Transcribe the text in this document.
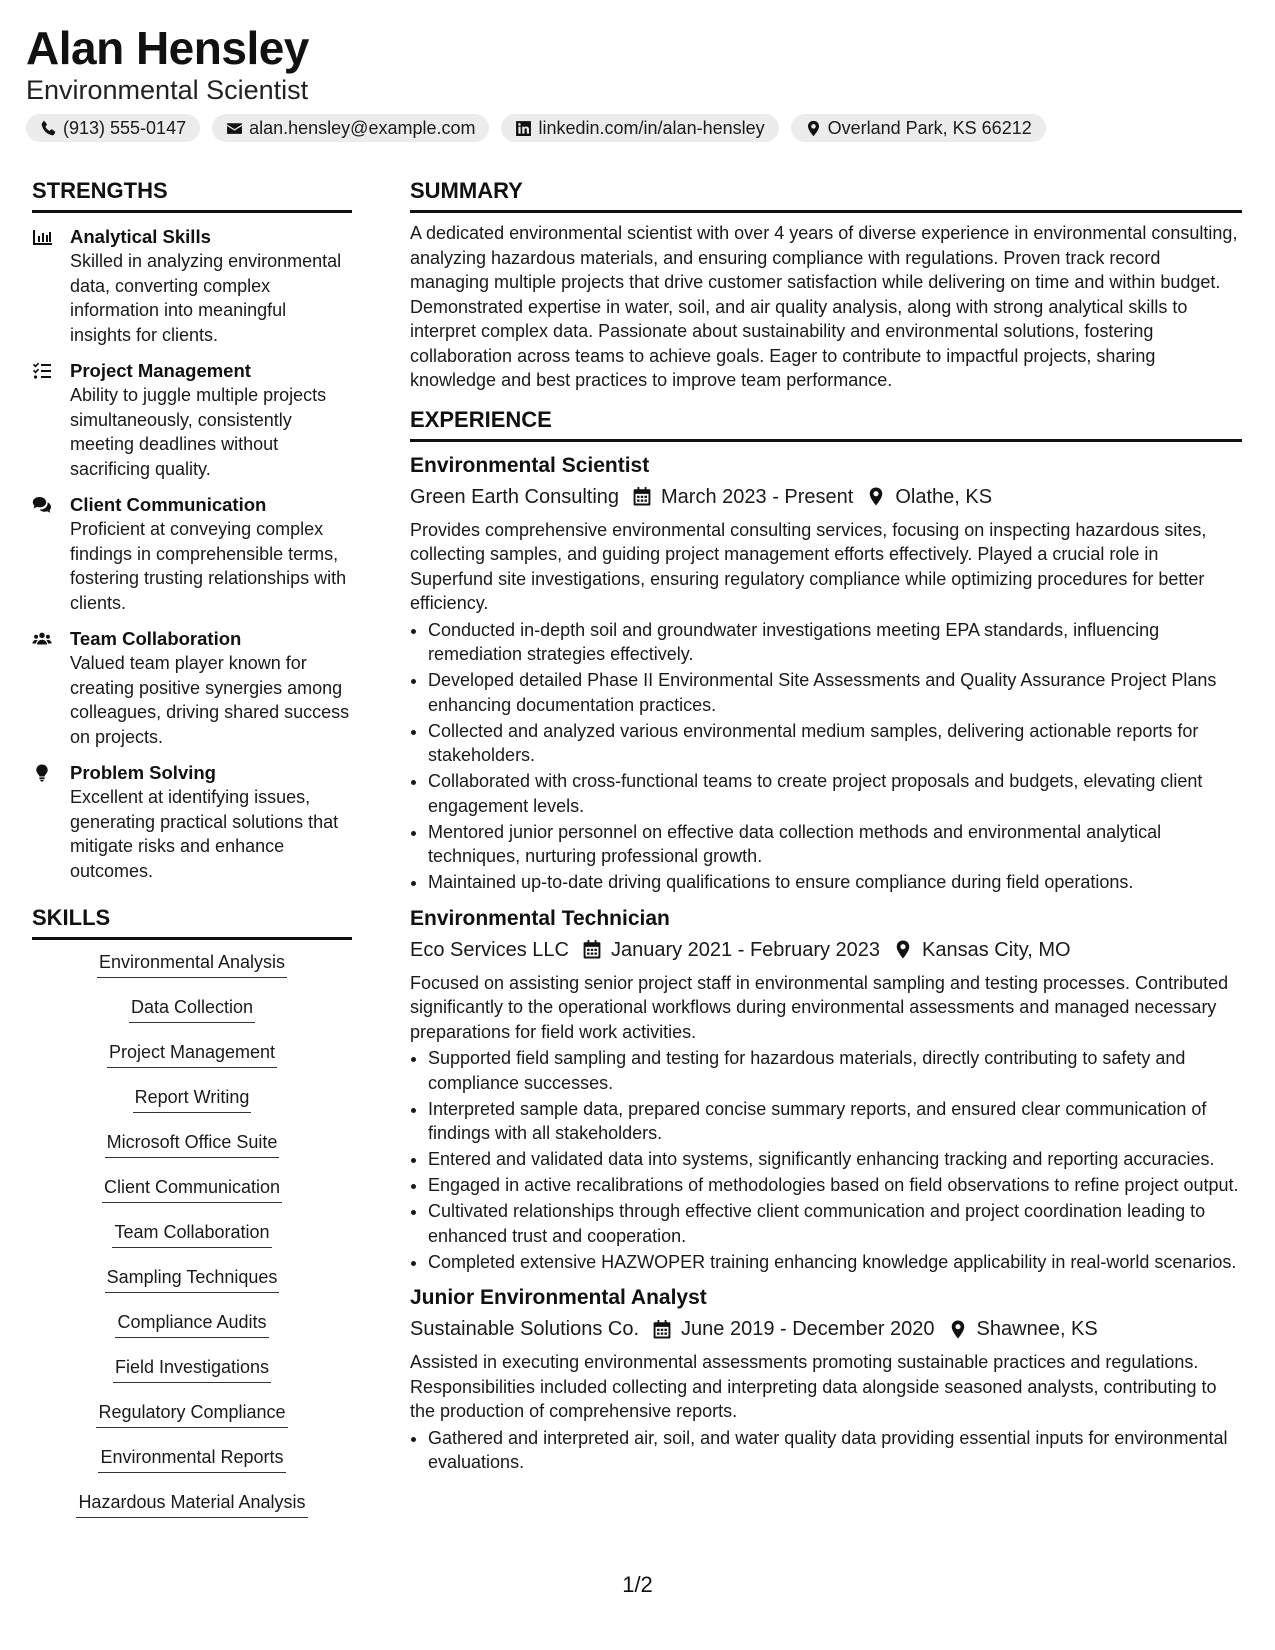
Alan Hensley
Environmental Scientist
(913) 555-0147	alan.hensley@example.com	linkedin.com/in/alan-hensley	Overland Park, KS 66212
STRENGTHS
Analytical Skills
Skilled in analyzing environmental data, converting complex information into meaningful insights for clients.
Project Management
Ability to juggle multiple projects simultaneously, consistently meeting deadlines without sacrificing quality.
Client Communication
Proficient at conveying complex findings in comprehensible terms, fostering trusting relationships with clients.
Team Collaboration
Valued team player known for creating positive synergies among colleagues, driving shared success on projects.
Problem Solving
Excellent at identifying issues, generating practical solutions that mitigate risks and enhance outcomes.
SKILLS
Environmental Analysis
Data Collection
Project Management
Report Writing
Microsoft Office Suite
Client Communication
Team Collaboration
Sampling Techniques
Compliance Audits
Field Investigations
Regulatory Compliance
Environmental Reports
Hazardous Material Analysis
SUMMARY
A dedicated environmental scientist with over 4 years of diverse experience in environmental consulting, analyzing hazardous materials, and ensuring compliance with regulations. Proven track record managing multiple projects that drive customer satisfaction while delivering on time and within budget. Demonstrated expertise in water, soil, and air quality analysis, along with strong analytical skills to interpret complex data. Passionate about sustainability and environmental solutions, fostering collaboration across teams to achieve goals. Eager to contribute to impactful projects, sharing knowledge and best practices to improve team performance.
EXPERIENCE
Environmental Scientist
Green Earth Consulting March 2023 - Present Olathe, KS
Provides comprehensive environmental consulting services, focusing on inspecting hazardous sites, collecting samples, and guiding project management efforts effectively. Played a crucial role in Superfund site investigations, ensuring regulatory compliance while optimizing procedures for better efficiency.
• Conducted in-depth soil and groundwater investigations meeting EPA standards, influencing remediation strategies effectively.
• Developed detailed Phase II Environmental Site Assessments and Quality Assurance Project Plans enhancing documentation practices.
• Collected and analyzed various environmental medium samples, delivering actionable reports for stakeholders.
• Collaborated with cross-functional teams to create project proposals and budgets, elevating client engagement levels.
• Mentored junior personnel on effective data collection methods and environmental analytical techniques, nurturing professional growth.
• Maintained up-to-date driving qualifications to ensure compliance during field operations.
Environmental Technician
Eco Services LLC January 2021 - February 2023 Kansas City, MO
Focused on assisting senior project staff in environmental sampling and testing processes. Contributed significantly to the operational workflows during environmental assessments and managed necessary preparations for field work activities.
• Supported field sampling and testing for hazardous materials, directly contributing to safety and compliance successes.
• Interpreted sample data, prepared concise summary reports, and ensured clear communication of findings with all stakeholders.
• Entered and validated data into systems, significantly enhancing tracking and reporting accuracies.
• Engaged in active recalibrations of methodologies based on field observations to refine project output.
• Cultivated relationships through effective client communication and project coordination leading to enhanced trust and cooperation.
• Completed extensive HAZWOPER training enhancing knowledge applicability in real-world scenarios.
Junior Environmental Analyst
Sustainable Solutions Co. June 2019 - December 2020 Shawnee, KS
Assisted in executing environmental assessments promoting sustainable practices and regulations. Responsibilities included collecting and interpreting data alongside seasoned analysts, contributing to the production of comprehensive reports.
• Gathered and interpreted air, soil, and water quality data providing essential inputs for environmental evaluations.
1/2
